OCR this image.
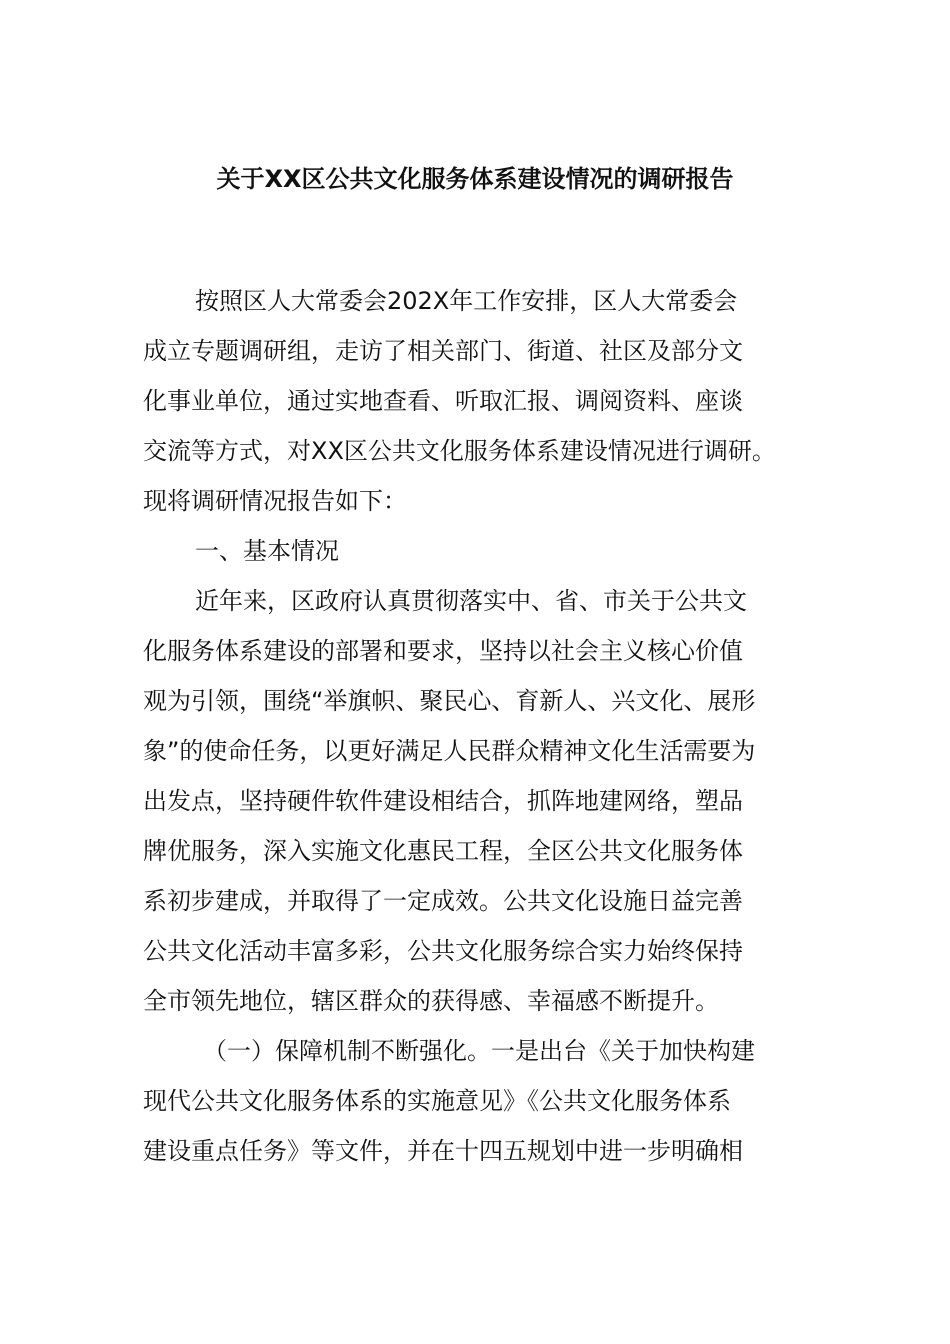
关于XX区公共文化服务体系建设情况的调研报告

按照区人大常委会202X年工作安排，区人大常委会

成立专题调研组，走访了相关部门、街道、社区及部分文

化事业单位，通过实地查看、听取汇报、调阅资料、座谈

交流等方式，对XX区公共文化服务体系建设情况进行调研。

现将调研情况报告如下：

一、基本情况

近年来，区政府认真贯彻落实中、省、市关于公共文

化服务体系建设的部署和要求，坚持以社会主义核心价值

观为引领，围绕“举旗帜、聚民心、育新人、兴文化、展形

象”的使命任务，以更好满足人民群众精神文化生活需要为

出发点，坚持硬件软件建设相结合，抓阵地建网络，塑品

牌优服务，深入实施文化惠民工程，全区公共文化服务体

系初步建成，并取得了一定成效。公共文化设施日益完善

公共文化活动丰富多彩，公共文化服务综合实力始终保持

全市领先地位，辖区群众的获得感、幸福感不断提升。

（一）保障机制不断强化。一是出台《关于加快构建

现代公共文化服务体系的实施意见》《公共文化服务体系

建设重点任务》等文件，并在十四五规划中进一步明确相
